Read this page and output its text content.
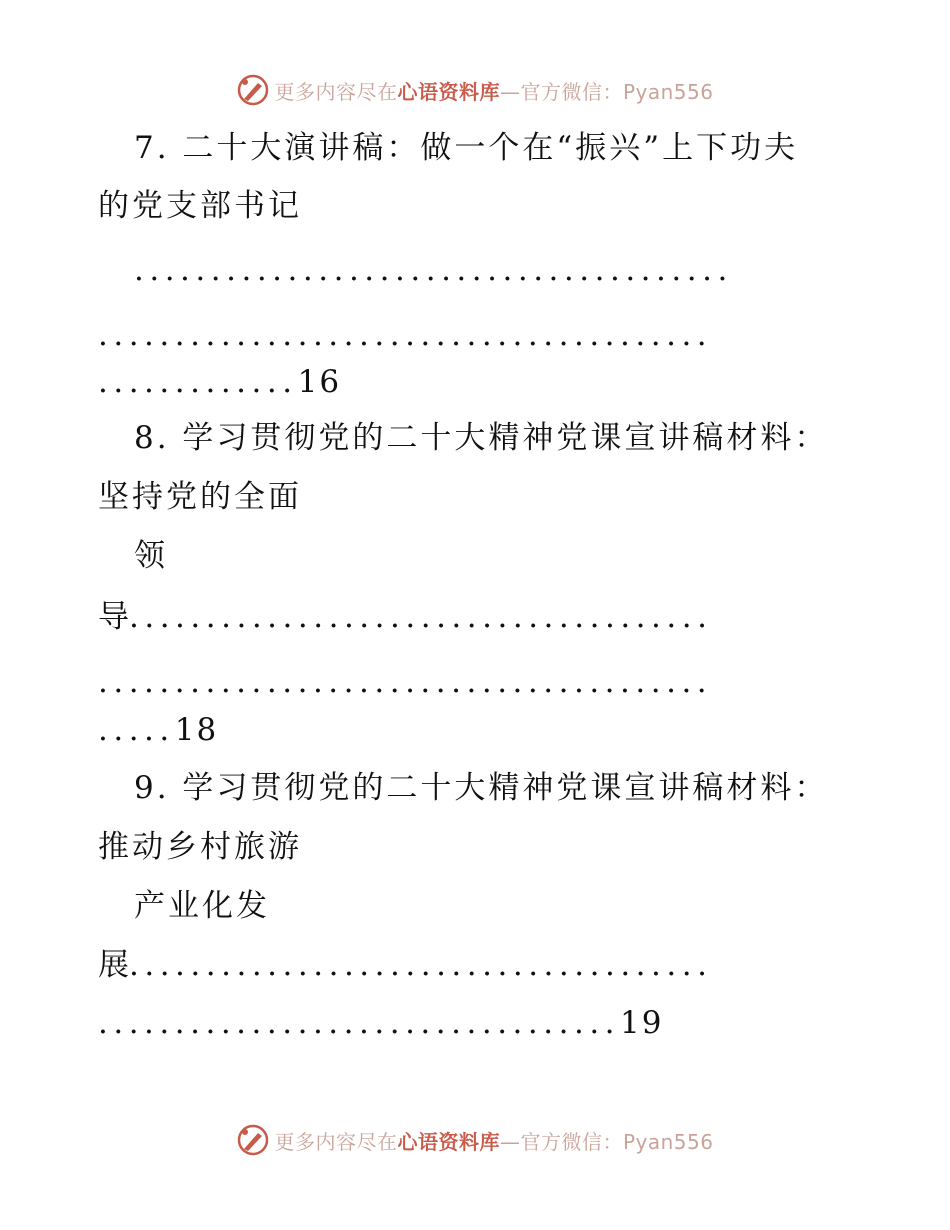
更多内容尽在心语资料库—官方微信：Pyan556
7. 二十大演讲稿：做一个在“振兴”上下功夫
的党支部书记
.......................................
........................................
.............16
8. 学习贯彻党的二十大精神党课宣讲稿材料：
坚持党的全面
领
导......................................
........................................
.....18
9. 学习贯彻党的二十大精神党课宣讲稿材料：
推动乡村旅游
产业化发
展......................................
..................................19
更多内容尽在心语资料库—官方微信：Pyan556
